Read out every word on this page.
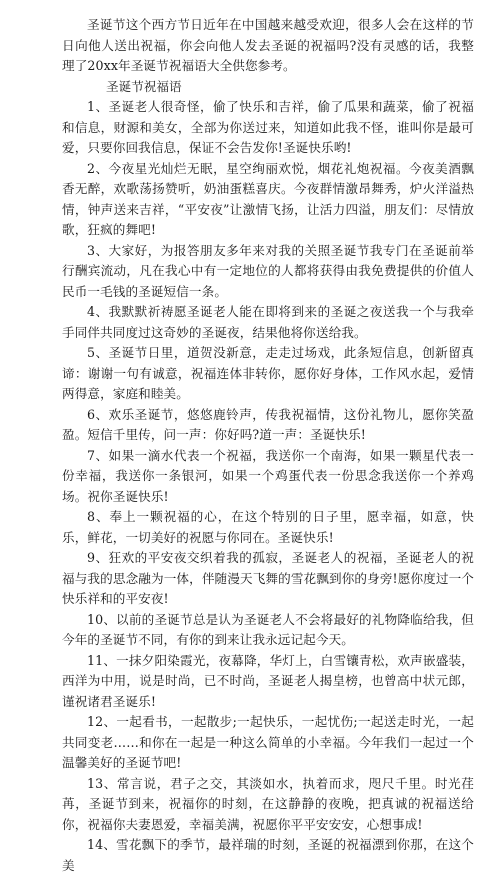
圣诞节这个西方节日近年在中国越来越受欢迎，很多人会在这样的节日向他人送出祝福，你会向他人发去圣诞的祝福吗?没有灵感的话，我整理了20xx年圣诞节祝福语大全供您参考。

圣诞节祝福语

1、圣诞老人很奇怪，偷了快乐和吉祥，偷了瓜果和蔬菜，偷了祝福和信息，财源和美女，全部为你送过来，知道如此我不怪，谁叫你是最可爱，只要你回我信息，保证不会告发你!圣诞快乐哟!

2、今夜星光灿烂无眠，星空绚丽欢悦，烟花礼炮祝福。今夜美酒飘香无醉，欢歌荡扬赞听，奶油蛋糕喜庆。今夜群情激昂舞秀，炉火洋溢热情，钟声送来吉祥，“平安夜”让激情飞扬，让活力四溢，朋友们：尽情放歌，狂疯的舞吧!

3、大家好，为报答朋友多年来对我的关照圣诞节我专门在圣诞前举行酬宾流动，凡在我心中有一定地位的人都将获得由我免费提供的价值人民币一毛钱的圣诞短信一条。

4、我默默祈祷愿圣诞老人能在即将到来的圣诞之夜送我一个与我牵手同伴共同度过这奇妙的圣诞夜，结果他将你送给我。

5、圣诞节日里，道贺没新意，走走过场戏，此条短信息，创新留真谛：谢谢一句有诚意，祝福连体非转你，愿你好身体，工作风水起，爱情两得意，家庭和睦美。

6、欢乐圣诞节，悠悠鹿铃声，传我祝福情，这份礼物儿，愿你笑盈盈。短信千里传，问一声：你好吗?道一声：圣诞快乐!

7、如果一滴水代表一个祝福，我送你一个南海，如果一颗星代表一份幸福，我送你一条银河，如果一个鸡蛋代表一份思念我送你一个养鸡场。祝你圣诞快乐!

8、奉上一颗祝福的心，在这个特别的日子里，愿幸福，如意，快乐，鲜花，一切美好的祝愿与你同在。圣诞快乐!

9、狂欢的平安夜交织着我的孤寂，圣诞老人的祝福，圣诞老人的祝福与我的思念融为一体，伴随漫天飞舞的雪花飘到你的身旁!愿你度过一个快乐祥和的平安夜!

10、以前的圣诞节总是认为圣诞老人不会将最好的礼物降临给我，但今年的圣诞节不同，有你的到来让我永远记起今天。

11、一抹夕阳染霞光，夜幕降，华灯上，白雪镶青松，欢声嵌盛装，西洋为中用，说是时尚，已不时尚，圣诞老人揭皇榜，也曾高中状元郎，谨祝诸君圣诞乐!

12、一起看书，一起散步;一起快乐，一起忧伤;一起送走时光，一起共同变老……和你在一起是一种这么简单的小幸福。今年我们一起过一个温馨美好的圣诞节吧!

13、常言说，君子之交，其淡如水，执着而求，咫尺千里。时光荏苒，圣诞节到来，祝福你的时刻，在这静静的夜晚，把真诚的祝福送给你，祝福你夫妻恩爱，幸福美满，祝愿你平平安安安，心想事成!

14、雪花飘下的季节，最祥瑞的时刻，圣诞的祝福漂到你那，在这个美
